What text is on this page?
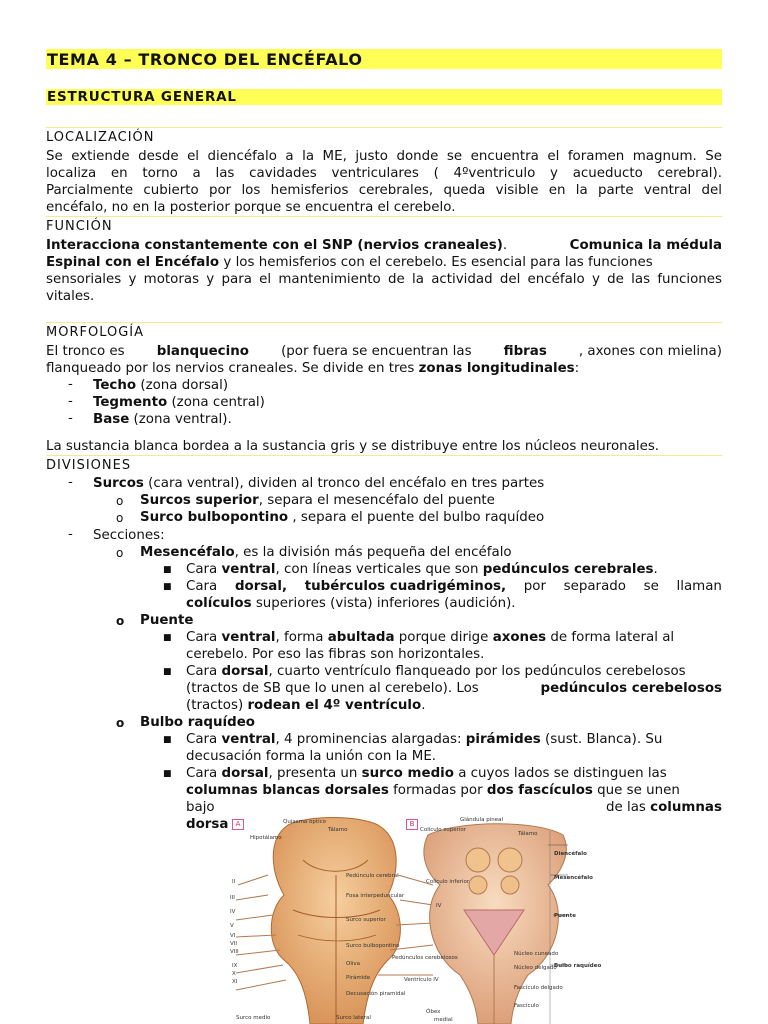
TEMA 4 – TRONCO DEL ENCÉFALO
ESTRUCTURA GENERAL
LOCALIZACIÓN
Se extiende desde el diencéfalo a la ME, justo donde se encuentra el foramen magnum. Se
localiza en torno a las cavidades ventriculares ( 4ºventriculo y acueducto cerebral).
Parcialmente cubierto por los hemisferios cerebrales, queda visible en la parte ventral del
encéfalo, no en la posterior porque se encuentra el cerebelo.
FUNCIÓN
Interacciona constantemente con el SNP (nervios craneales).	Comunica la médula
Espinal con el Encéfalo y los hemisferios con el cerebelo. Es esencial para las funciones
sensoriales y motoras y para el mantenimiento de la actividad del encéfalo y de las funciones
vitales.
MORFOLOGÍA
El tronco es blanquecino (por fuera se encuentran las fibras , axones con mielina)
flanqueado por los nervios craneales. Se divide en tres zonas longitudinales:
- Techo (zona dorsal)
- Tegmento (zona central)
- Base (zona ventral).
La sustancia blanca bordea a la sustancia gris y se distribuye entre los núcleos neuronales.
DIVISIONES
- Surcos (cara ventral), dividen al tronco del encéfalo en tres partes
o Surcos superior, separa el mesencéfalo del puente
o Surco bulbopontino , separa el puente del bulbo raquídeo
- Secciones:
o Mesencéfalo, es la división más pequeña del encéfalo
■ Cara ventral, con líneas verticales que son pedúnculos cerebrales.
■ Cara dorsal, tubérculos cuadrigéminos, por separado se llaman
colículos superiores (vista) inferiores (audición).
o Puente
■ Cara ventral, forma abultada porque dirige axones de forma lateral al
cerebelo. Por eso las fibras son horizontales.
■ Cara dorsal, cuarto ventrículo flanqueado por los pedúnculos cerebelosos
(tractos de SB que lo unen al cerebelo). Los	pedúnculos cerebelosos
(tractos) rodean el 4º ventrículo.
o Bulbo raquídeo
■ Cara ventral, 4 prominencias alargadas: pirámides (sust. Blanca). Su
decusación forma la unión con la ME.
■ Cara dorsal, presenta un surco medio a cuyos lados se distinguen las
columnas blancas dorsales formadas por dos fascículos que se unen
bajo	de las columnas
dorsa	A	B
Quiasma óptico
Tálamo
Hipotálamo
Pedúnculo cerebral
Fosa interpeduncular
Surco superior
Surco bulbopontino
Oliva
Pirámide
Decusación piramidal
Surco medio	Surco lateral
II
III
IV
V
VI
VII
VIII
IX
X
XI
Glándula pineal
Colículo superior
Tálamo
Colículo inferior
IV
Núcleo cuneado
Núcleo delgado
Pedúnculos cerebelosos
Ventrículo IV
Fascículo delgado
Fascículo
Óbex
medial
Diencéfalo
Mesencéfalo
Puente
Bulbo raquídeo
